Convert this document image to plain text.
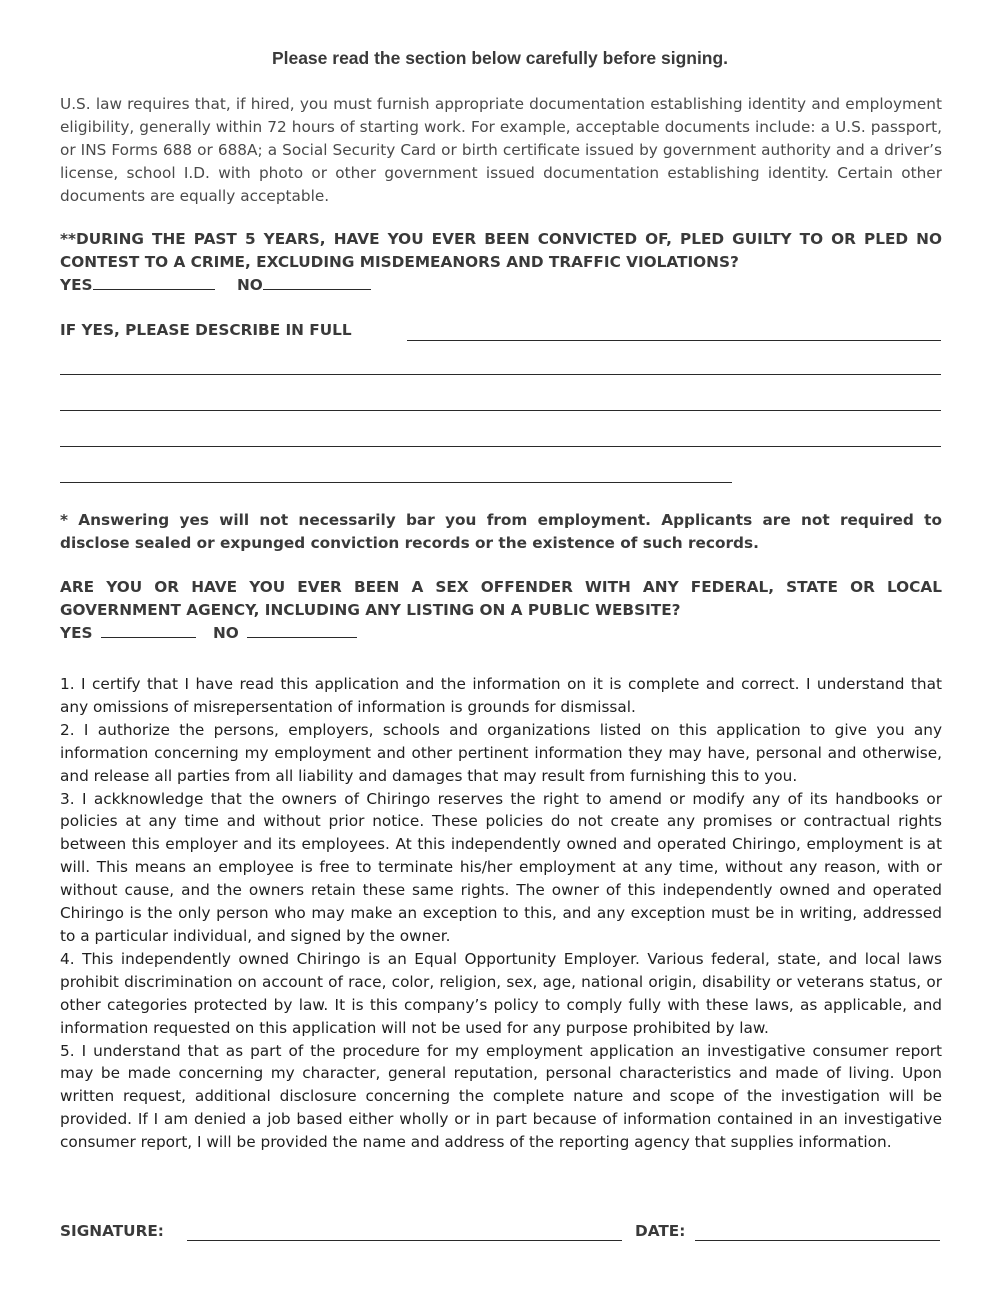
Please read the section below carefully before signing.
U.S. law requires that, if hired, you must furnish appropriate documentation establishing identity and employment eligibility, generally within 72 hours of starting work. For example, acceptable documents include: a U.S. passport, or INS Forms 688 or 688A; a Social Security Card or birth certificate issued by government authority and a driver’s license, school I.D. with photo or other government issued documentation establishing identity. Certain other documents are equally acceptable.
**DURING THE PAST 5 YEARS, HAVE YOU EVER BEEN CONVICTED OF, PLED GUILTY TO OR PLED NO CONTEST TO A CRIME, EXCLUDING MISDEMEANORS AND TRAFFIC VIOLATIONS?
YES	NO
IF YES, PLEASE DESCRIBE IN FULL
* Answering yes will not necessarily bar you from employment. Applicants are not required to disclose sealed or expunged conviction records or the existence of such records.
ARE YOU OR HAVE YOU EVER BEEN A SEX OFFENDER WITH ANY FEDERAL, STATE OR LOCAL GOVERNMENT AGENCY, INCLUDING ANY LISTING ON A PUBLIC WEBSITE?
YES	NO

1. I certify that I have read this application and the information on it is complete and correct. I understand that any omissions of misrepersentation of information is grounds for dismissal.

2. I authorize the persons, employers, schools and organizations listed on this application to give you any information concerning my employment and other pertinent information they may have, personal and otherwise, and release all parties from all liability and damages that may result from furnishing this to you.

3. I ackknowledge that the owners of Chiringo reserves the right to amend or modify any of its handbooks or policies at any time and without prior notice. These policies do not create any promises or contractual rights between this employer and its employees. At this independently owned and operated Chiringo, employment is at will. This means an employee is free to terminate his/her employment at any time, without any reason, with or without cause, and the owners retain these same rights. The owner of this independently owned and operated Chiringo is the only person who may make an exception to this, and any exception must be in writing, addressed to a particular individual, and signed by the owner.

4. This independently owned Chiringo is an Equal Opportunity Employer. Various federal, state, and local laws prohibit discrimination on account of race, color, religion, sex, age, national origin, disability or veterans status, or other categories protected by law. It is this company’s policy to comply fully with these laws, as applicable, and information requested on this application will not be used for any purpose prohibited by law.

5. I understand that as part of the procedure for my employment application an investigative consumer report may be made concerning my character, general reputation, personal characteristics and made of living. Upon written request, additional disclosure concerning the complete nature and scope of the investigation will be provided. If I am denied a job based either wholly or in part because of information contained in an investigative consumer report, I will be provided the name and address of the reporting agency that supplies information.

SIGNATURE:	DATE:
